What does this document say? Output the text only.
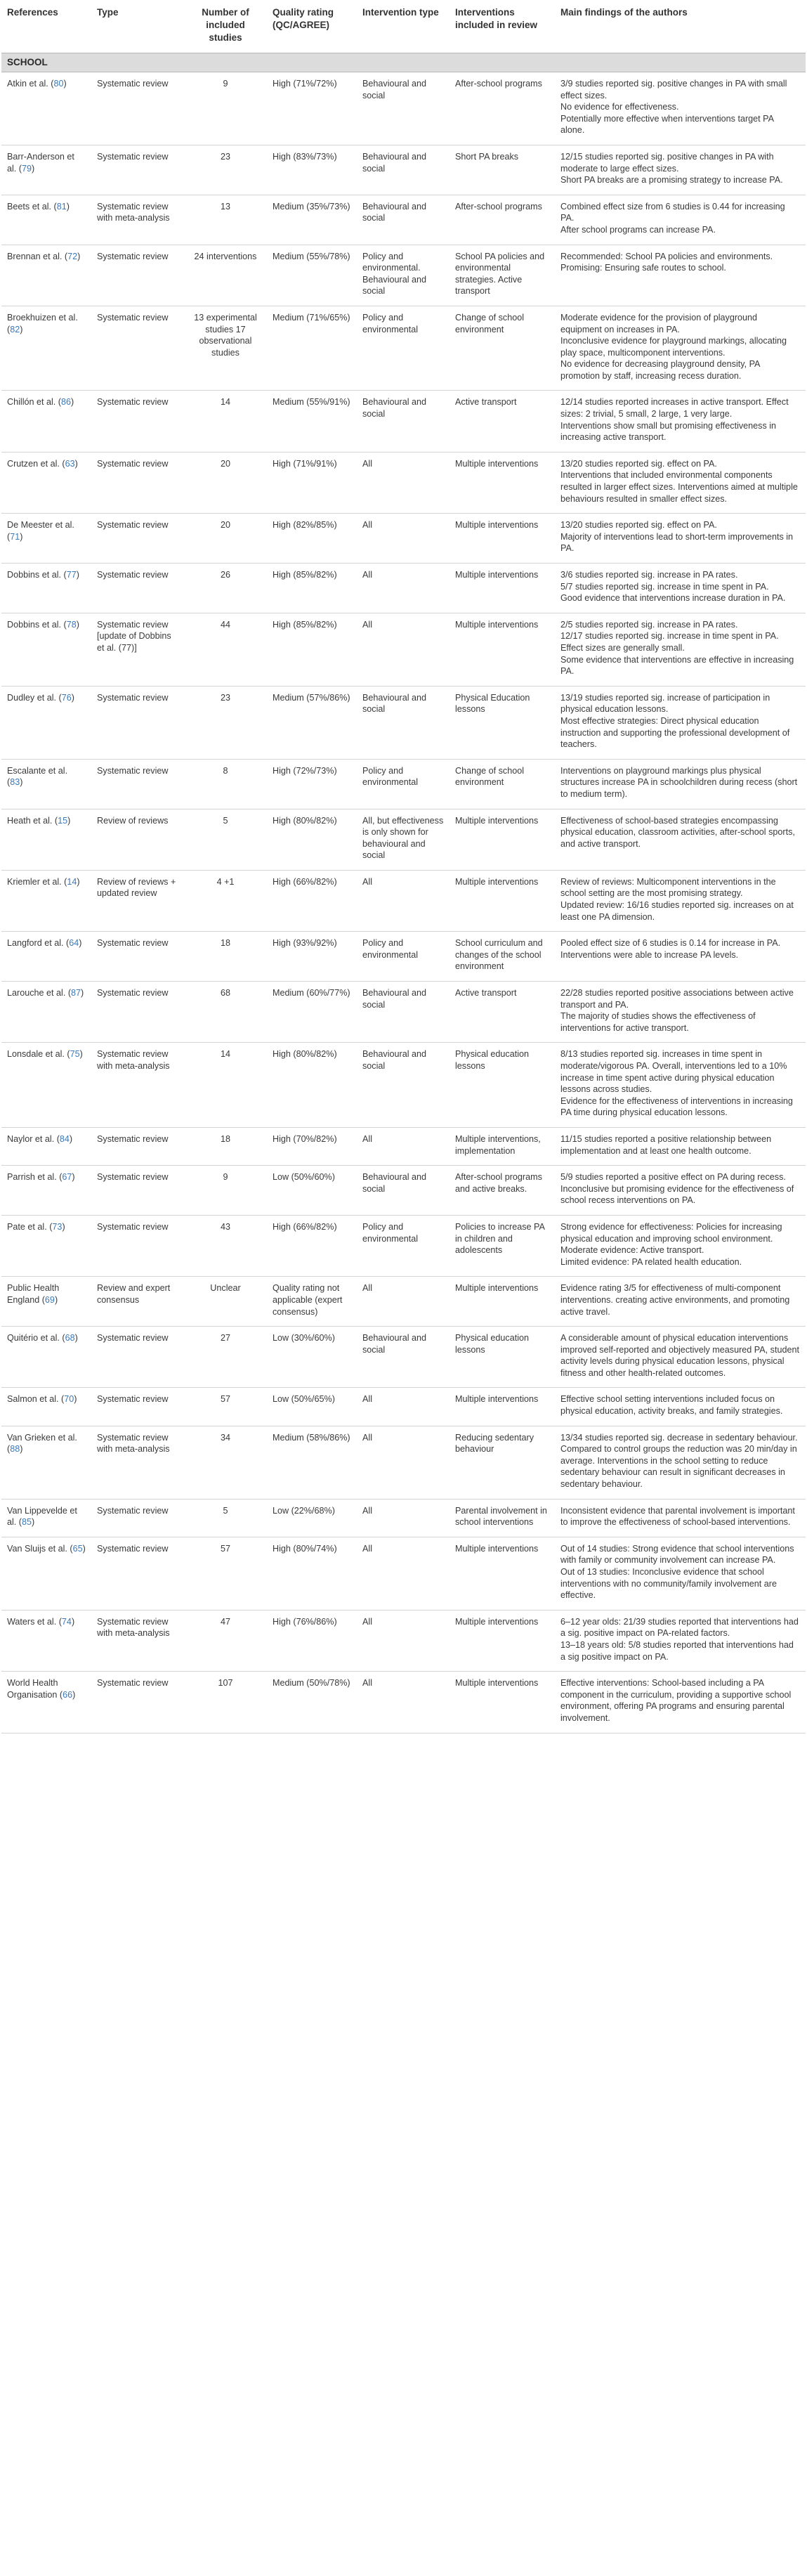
References	Type	Number of included studies	Quality rating (QC/AGREE)	Intervention type	Interventions included in review	Main findings of the authors
SCHOOL						
Atkin et al. (80)	Systematic review	9	High (71%/72%)	Behavioural and social	After-school programs	3/9 studies reported sig. positive changes in PA with small effect sizes.
No evidence for effectiveness.
Potentially more effective when interventions target PA alone.

Barr-Anderson et al. (79)	Systematic review	23	High (83%/73%)	Behavioural and social	Short PA breaks	12/15 studies reported sig. positive changes in PA with moderate to large effect sizes.
Short PA breaks are a promising strategy to increase PA.

Beets et al. (81)	Systematic review with meta-analysis	13	Medium (35%/73%)	Behavioural and social	After-school programs	Combined effect size from 6 studies is 0.44 for increasing PA.
After school programs can increase PA.

Brennan et al. (72)	Systematic review	24 interventions	Medium (55%/78%)	Policy and environmental. Behavioural and social	School PA policies and environmental strategies. Active transport	Recommended: School PA policies and environments.
Promising: Ensuring safe routes to school.

Broekhuizen et al. (82)	Systematic review	13 experimental studies 17 observational studies	Medium (71%/65%)	Policy and environmental	Change of school environment	Moderate evidence for the provision of playground equipment on increases in PA.
Inconclusive evidence for playground markings, allocating play space, multicomponent interventions.
No evidence for decreasing playground density, PA promotion by staff, increasing recess duration.

Chillón et al. (86)	Systematic review	14	Medium (55%/91%)	Behavioural and social	Active transport	12/14 studies reported increases in active transport. Effect sizes: 2 trivial, 5 small, 2 large, 1 very large.
Interventions show small but promising effectiveness in increasing active transport.

Crutzen et al. (63)	Systematic review	20	High (71%/91%)	All	Multiple interventions	13/20 studies reported sig. effect on PA.
Interventions that included environmental components resulted in larger effect sizes. Interventions aimed at multiple behaviours resulted in smaller effect sizes.

De Meester et al. (71)	Systematic review	20	High (82%/85%)	All	Multiple interventions	13/20 studies reported sig. effect on PA.
Majority of interventions lead to short-term improvements in PA.

Dobbins et al. (77)	Systematic review	26	High (85%/82%)	All	Multiple interventions	3/6 studies reported sig. increase in PA rates.
5/7 studies reported sig. increase in time spent in PA.
Good evidence that interventions increase duration in PA.

Dobbins et al. (78)	Systematic review [update of Dobbins et al. (77)]	44	High (85%/82%)	All	Multiple interventions	2/5 studies reported sig. increase in PA rates.
12/17 studies reported sig. increase in time spent in PA.
Effect sizes are generally small.
Some evidence that interventions are effective in increasing PA.

Dudley et al. (76)	Systematic review	23	Medium (57%/86%)	Behavioural and social	Physical Education lessons	13/19 studies reported sig. increase of participation in physical education lessons.
Most effective strategies: Direct physical education instruction and supporting the professional development of teachers.

Escalante et al. (83)	Systematic review	8	High (72%/73%)	Policy and environmental	Change of school environment	Interventions on playground markings plus physical structures increase PA in schoolchildren during recess (short to medium term).

Heath et al. (15)	Review of reviews	5	High (80%/82%)	All, but effectiveness is only shown for behavioural and social	Multiple interventions	Effectiveness of school-based strategies encompassing physical education, classroom activities, after-school sports, and active transport.

Kriemler et al. (14)	Review of reviews + updated review	4 +1	High (66%/82%)	All	Multiple interventions	Review of reviews: Multicomponent interventions in the school setting are the most promising strategy.
Updated review: 16/16 studies reported sig. increases on at least one PA dimension.

Langford et al. (64)	Systematic review	18	High (93%/92%)	Policy and environmental	School curriculum and changes of the school environment	Pooled effect size of 6 studies is 0.14 for increase in PA.
Interventions were able to increase PA levels.

Larouche et al. (87)	Systematic review	68	Medium (60%/77%)	Behavioural and social	Active transport	22/28 studies reported positive associations between active transport and PA.
The majority of studies shows the effectiveness of interventions for active transport.

Lonsdale et al. (75)	Systematic review with meta-analysis	14	High (80%/82%)	Behavioural and social	Physical education lessons	8/13 studies reported sig. increases in time spent in moderate/vigorous PA. Overall, interventions led to a 10% increase in time spent active during physical education lessons across studies.
Evidence for the effectiveness of interventions in increasing PA time during physical education lessons.

Naylor et al. (84)	Systematic review	18	High (70%/82%)	All	Multiple interventions, implementation	11/15 studies reported a positive relationship between implementation and at least one health outcome.

Parrish et al. (67)	Systematic review	9	Low (50%/60%)	Behavioural and social	After-school programs and active breaks.	5/9 studies reported a positive effect on PA during recess. Inconclusive but promising evidence for the effectiveness of school recess interventions on PA.

Pate et al. (73)	Systematic review	43	High (66%/82%)	Policy and environmental	Policies to increase PA in children and adolescents	Strong evidence for effectiveness: Policies for increasing physical education and improving school environment.
Moderate evidence: Active transport.
Limited evidence: PA related health education.

Public Health England (69)	Review and expert consensus	Unclear	Quality rating not applicable (expert consensus)	All	Multiple interventions	Evidence rating 3/5 for effectiveness of multi-component interventions. creating active environments, and promoting active travel.

Quitério et al. (68)	Systematic review	27	Low (30%/60%)	Behavioural and social	Physical education lessons	A considerable amount of physical education interventions improved self-reported and objectively measured PA, student activity levels during physical education lessons, physical fitness and other health-related outcomes.

Salmon et al. (70)	Systematic review	57	Low (50%/65%)	All	Multiple interventions	Effective school setting interventions included focus on physical education, activity breaks, and family strategies.

Van Grieken et al. (88)	Systematic review with meta-analysis	34	Medium (58%/86%)	All	Reducing sedentary behaviour	13/34 studies reported sig. decrease in sedentary behaviour. Compared to control groups the reduction was 20 min/day in average. Interventions in the school setting to reduce sedentary behaviour can result in significant decreases in sedentary behaviour.

Van Lippevelde et al. (85)	Systematic review	5	Low (22%/68%)	All	Parental involvement in school interventions	Inconsistent evidence that parental involvement is important to improve the effectiveness of school-based interventions.

Van Sluijs et al. (65)	Systematic review	57	High (80%/74%)	All	Multiple interventions	Out of 14 studies: Strong evidence that school interventions with family or community involvement can increase PA.
Out of 13 studies: Inconclusive evidence that school interventions with no community/family involvement are effective.

Waters et al. (74)	Systematic review with meta-analysis	47	High (76%/86%)	All	Multiple interventions	6–12 year olds: 21/39 studies reported that interventions had a sig. positive impact on PA-related factors.
13–18 years old: 5/8 studies reported that interventions had a sig positive impact on PA.

World Health Organisation (66)	Systematic review	107	Medium (50%/78%)	All	Multiple interventions	Effective interventions: School-based including a PA component in the curriculum, providing a supportive school environment, offering PA programs and ensuring parental involvement.
